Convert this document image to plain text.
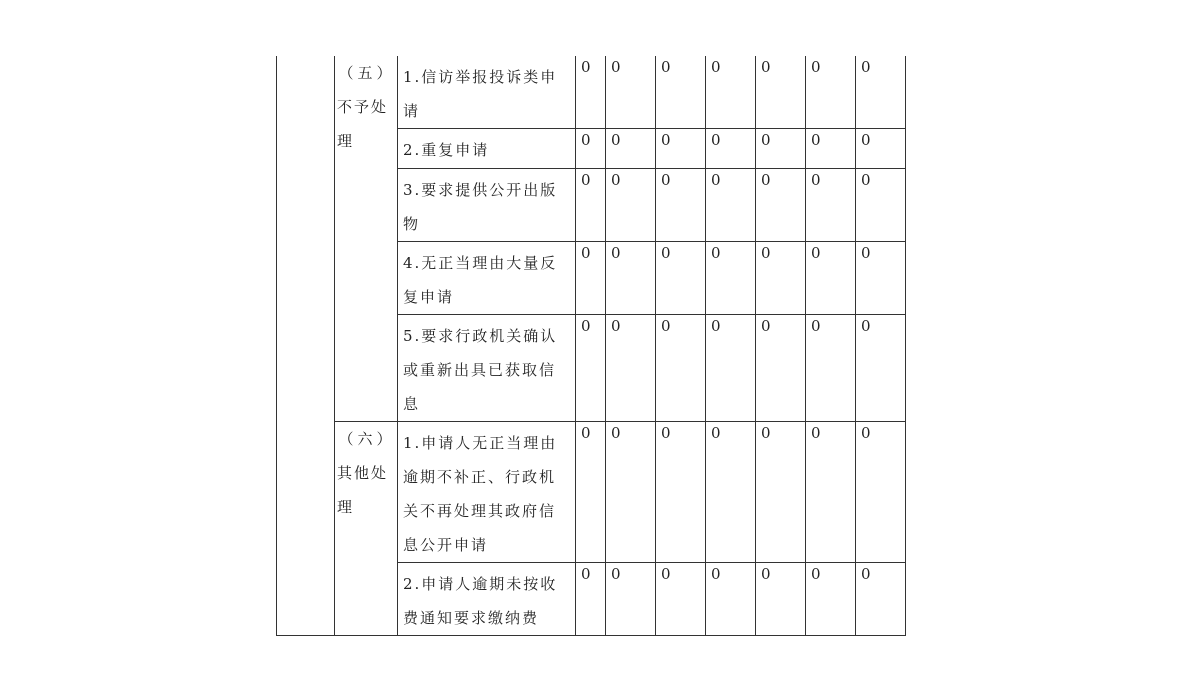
	（五）
不予处理	1.信访举报投诉类申请	0	0	0	0	0	0	0

		2.重复申请	0	0	0	0	0	0	0

		3.要求提供公开出版物	0	0	0	0	0	0	0

		4.无正当理由大量反复申请	0	0	0	0	0	0	0

		5.要求行政机关确认或重新出具已获取信息	0	0	0	0	0	0	0

	（六）
其他处理	1.申请人无正当理由逾期不补正、行政机关不再处理其政府信息公开申请	0	0	0	0	0	0	0

		2.申请人逾期未按收费通知要求缴纳费	0	0	0	0	0	0	0
